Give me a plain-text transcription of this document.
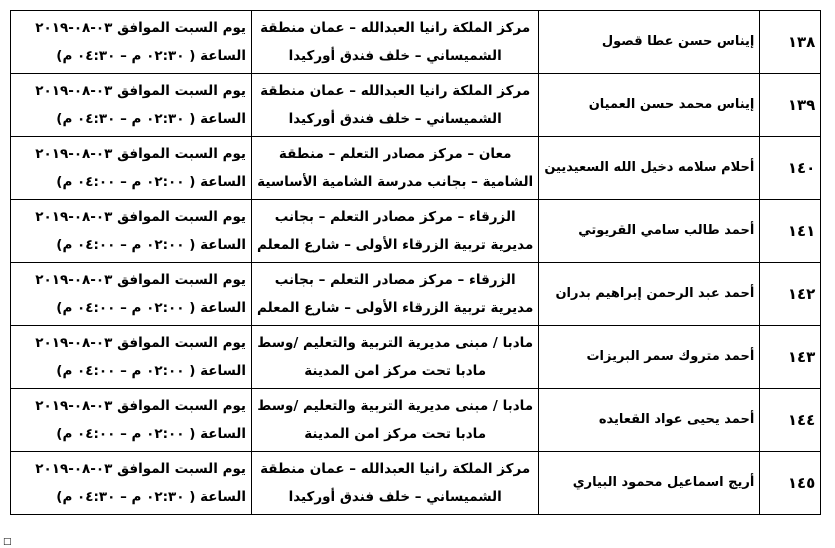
١٣٨	إيناس حسن عطا قصول	مركز الملكة رانيا العبدالله – عمان منطقة
الشميساني – خلف فندق أوركيدا	يوم السبت الموافق ٠٣-٠٨-٢٠١٩
الساعة ( ٠٢:٣٠ م – ٠٤:٣٠ م)

١٣٩	إيناس محمد حسن العميان	مركز الملكة رانيا العبدالله – عمان منطقة
الشميساني – خلف فندق أوركيدا	يوم السبت الموافق ٠٣-٠٨-٢٠١٩
الساعة ( ٠٢:٣٠ م – ٠٤:٣٠ م)

١٤٠	أحلام سلامه دخيل الله السعيديين	معان – مركز مصادر التعلم – منطقة
الشامية – بجانب مدرسة الشامية الأساسية	يوم السبت الموافق ٠٣-٠٨-٢٠١٩
الساعة ( ٠٢:٠٠ م – ٠٤:٠٠ م)

١٤١	أحمد طالب سامي القريوتي	الزرقاء – مركز مصادر التعلم – بجانب
مديرية تربية الزرقاء الأولى – شارع المعلم	يوم السبت الموافق ٠٣-٠٨-٢٠١٩
الساعة ( ٠٢:٠٠ م – ٠٤:٠٠ م)

١٤٢	أحمد عبد الرحمن إبراهيم بدران	الزرقاء – مركز مصادر التعلم – بجانب
مديرية تربية الزرقاء الأولى – شارع المعلم	يوم السبت الموافق ٠٣-٠٨-٢٠١٩
الساعة ( ٠٢:٠٠ م – ٠٤:٠٠ م)

١٤٣	أحمد متروك سمر البريزات	مادبا / مبنى مديرية التربية والتعليم /وسط
مادبا تحت مركز امن المدينة	يوم السبت الموافق ٠٣-٠٨-٢٠١٩
الساعة ( ٠٢:٠٠ م – ٠٤:٠٠ م)

١٤٤	أحمد يحيى عواد القعايده	مادبا / مبنى مديرية التربية والتعليم /وسط
مادبا تحت مركز امن المدينة	يوم السبت الموافق ٠٣-٠٨-٢٠١٩
الساعة ( ٠٢:٠٠ م – ٠٤:٠٠ م)

١٤٥	أريج اسماعيل محمود البياري	مركز الملكة رانيا العبدالله – عمان منطقة
الشميساني – خلف فندق أوركيدا	يوم السبت الموافق ٠٣-٠٨-٢٠١٩
الساعة ( ٠٢:٣٠ م – ٠٤:٣٠ م)
□
